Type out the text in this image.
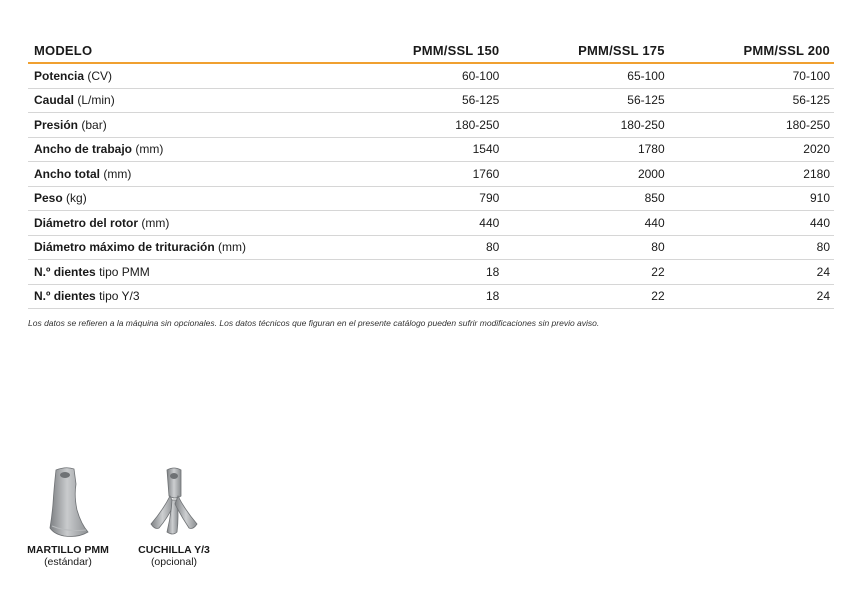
MODELO	PMM/SSL 150	PMM/SSL 175	PMM/SSL 200
Potencia (CV)	60-100	65-100	70-100
Caudal (L/min)	56-125	56-125	56-125
Presión (bar)	180-250	180-250	180-250
Ancho de trabajo (mm)	1540	1780	2020
Ancho total (mm)	1760	2000	2180
Peso (kg)	790	850	910
Diámetro del rotor (mm)	440	440	440
Diámetro máximo de trituración (mm)	80	80	80
N.º dientes tipo PMM	18	22	24
N.º dientes tipo Y/3	18	22	24
Los datos se refieren a la máquina sin opcionales. Los datos técnicos que figuran en el presente catálogo pueden sufrir modificaciones sin previo aviso.
MARTILLO PMM
(estándar)
CUCHILLA Y/3
(opcional)
